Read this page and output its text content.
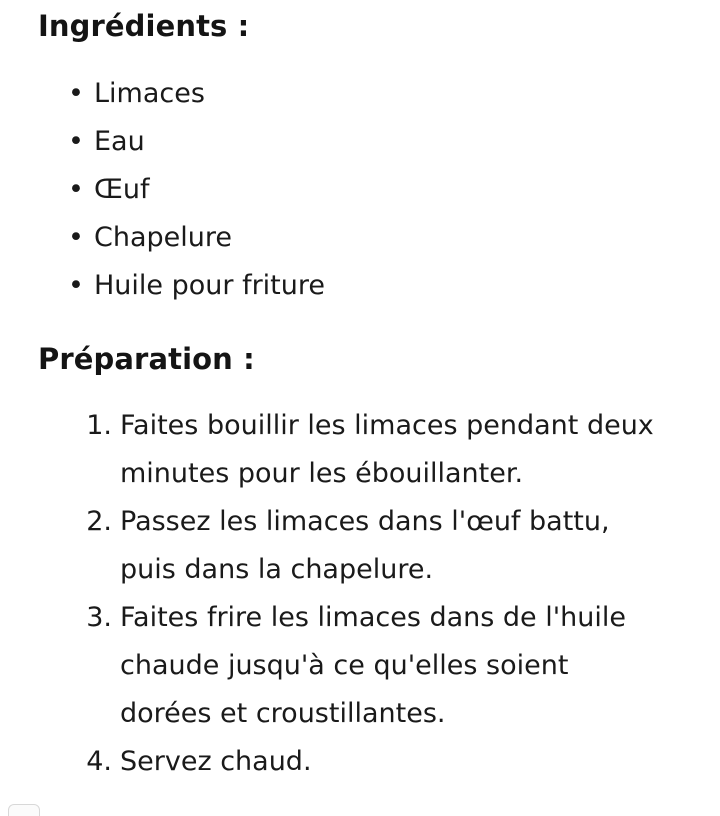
Ingrédients :
• Limaces
• Eau
• Œuf
• Chapelure
• Huile pour friture
Préparation :
Faites bouillir les limaces pendant deux minutes pour les ébouillanter.
Passez les limaces dans l'œuf battu, puis dans la chapelure.
Faites frire les limaces dans de l'huile chaude jusqu'à ce qu'elles soient dorées et croustillantes.
Servez chaud.
